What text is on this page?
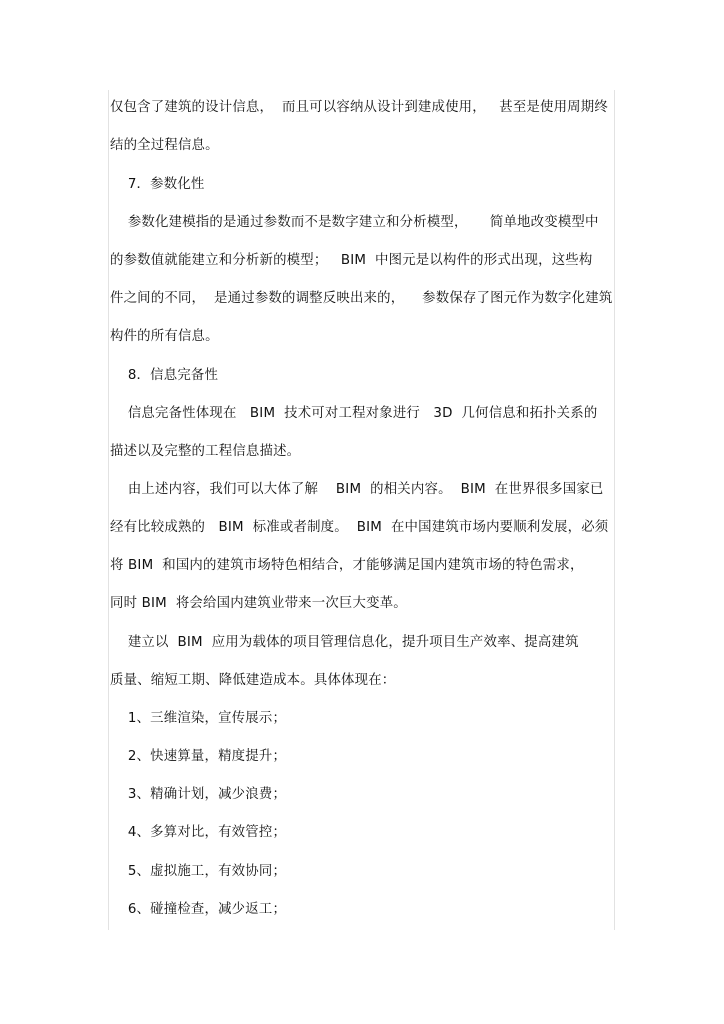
仅包含了建筑的设计信息，  而且可以容纳从设计到建成使用，   甚至是使用周期终
结的全过程信息。
7．参数化性
参数化建模指的是通过参数而不是数字建立和分析模型，     简单地改变模型中
的参数值就能建立和分析新的模型；   BIM  中图元是以构件的形式出现，这些构
件之间的不同，  是通过参数的调整反映出来的，    参数保存了图元作为数字化建筑
构件的所有信息。
8．信息完备性
信息完备性体现在   BIM  技术可对工程对象进行   3D  几何信息和拓扑关系的
描述以及完整的工程信息描述。
由上述内容，我们可以大体了解    BIM  的相关内容。  BIM  在世界很多国家已
经有比较成熟的   BIM  标准或者制度。  BIM  在中国建筑市场内要顺利发展，必须
将 BIM  和国内的建筑市场特色相结合，才能够满足国内建筑市场的特色需求，
同时 BIM  将会给国内建筑业带来一次巨大变革。
建立以  BIM  应用为载体的项目管理信息化，提升项目生产效率、提高建筑
质量、缩短工期、降低建造成本。具体体现在：
1、三维渲染，宣传展示；
2、快速算量，精度提升；
3、精确计划，减少浪费；
4、多算对比，有效管控；
5、虚拟施工，有效协同；
6、碰撞检查，减少返工；
